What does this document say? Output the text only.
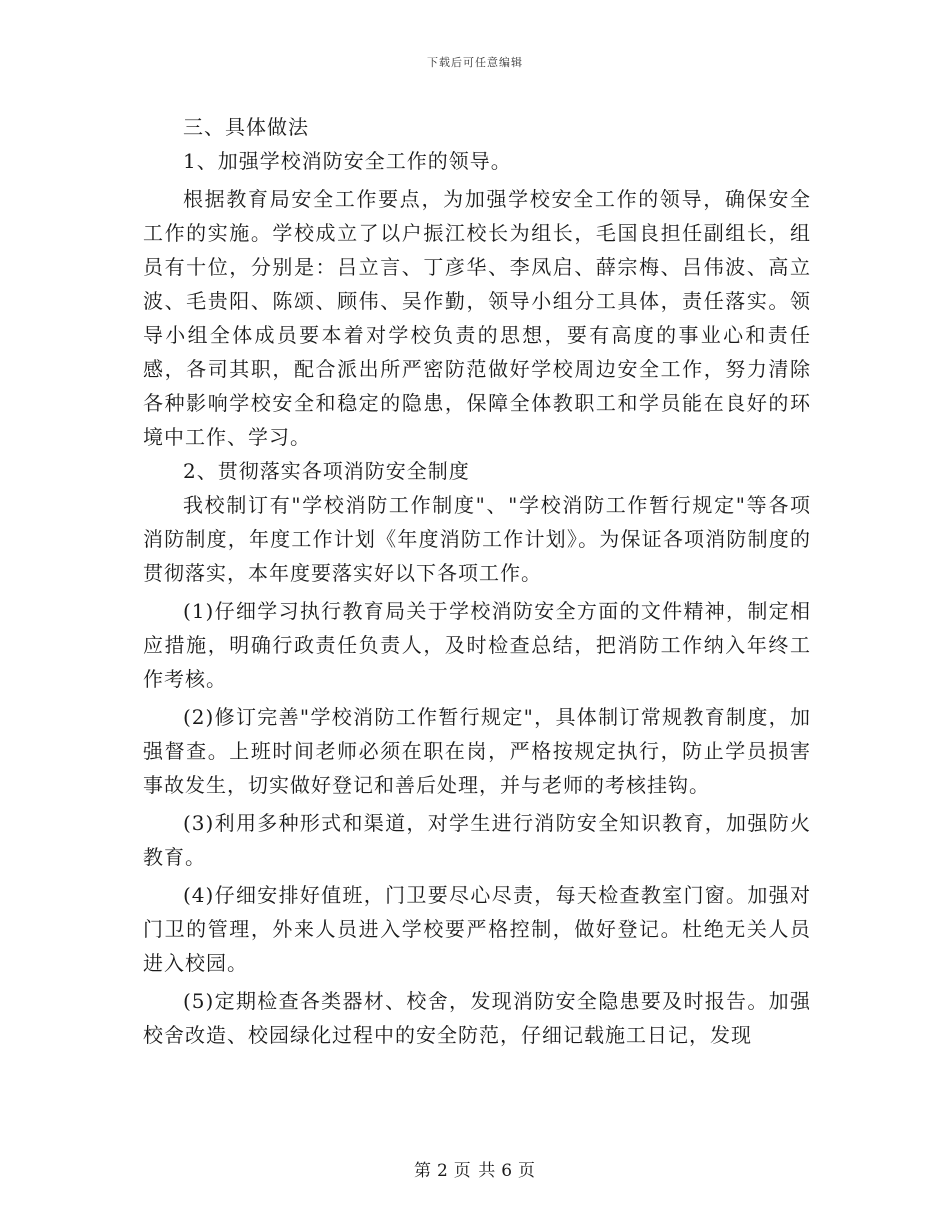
下载后可任意编辑

三、具体做法

1、加强学校消防安全工作的领导。

根据教育局安全工作要点，为加强学校安全工作的领导，确保安全工作的实施。学校成立了以户振江校长为组长，毛国良担任副组长，组员有十位，分别是：吕立言、丁彦华、李凤启、薛宗梅、吕伟波、高立波、毛贵阳、陈颂、顾伟、吴作勤，领导小组分工具体，责任落实。领导小组全体成员要本着对学校负责的思想，要有高度的事业心和责任感，各司其职，配合派出所严密防范做好学校周边安全工作，努力清除各种影响学校安全和稳定的隐患，保障全体教职工和学员能在良好的环境中工作、学习。

2、贯彻落实各项消防安全制度

我校制订有"学校消防工作制度"、"学校消防工作暂行规定"等各项消防制度，年度工作计划《年度消防工作计划》。为保证各项消防制度的贯彻落实，本年度要落实好以下各项工作。

(1)仔细学习执行教育局关于学校消防安全方面的文件精神，制定相应措施，明确行政责任负责人，及时检查总结，把消防工作纳入年终工作考核。

(2)修订完善"学校消防工作暂行规定"，具体制订常规教育制度，加强督查。上班时间老师必须在职在岗，严格按规定执行，防止学员损害事故发生，切实做好登记和善后处理，并与老师的考核挂钩。

(3)利用多种形式和渠道，对学生进行消防安全知识教育，加强防火教育。

(4)仔细安排好值班，门卫要尽心尽责，每天检查教室门窗。加强对门卫的管理，外来人员进入学校要严格控制，做好登记。杜绝无关人员进入校园。

(5)定期检查各类器材、校舍，发现消防安全隐患要及时报告。加强校舍改造、校园绿化过程中的安全防范，仔细记载施工日记，发现

第 2 页 共 6 页
